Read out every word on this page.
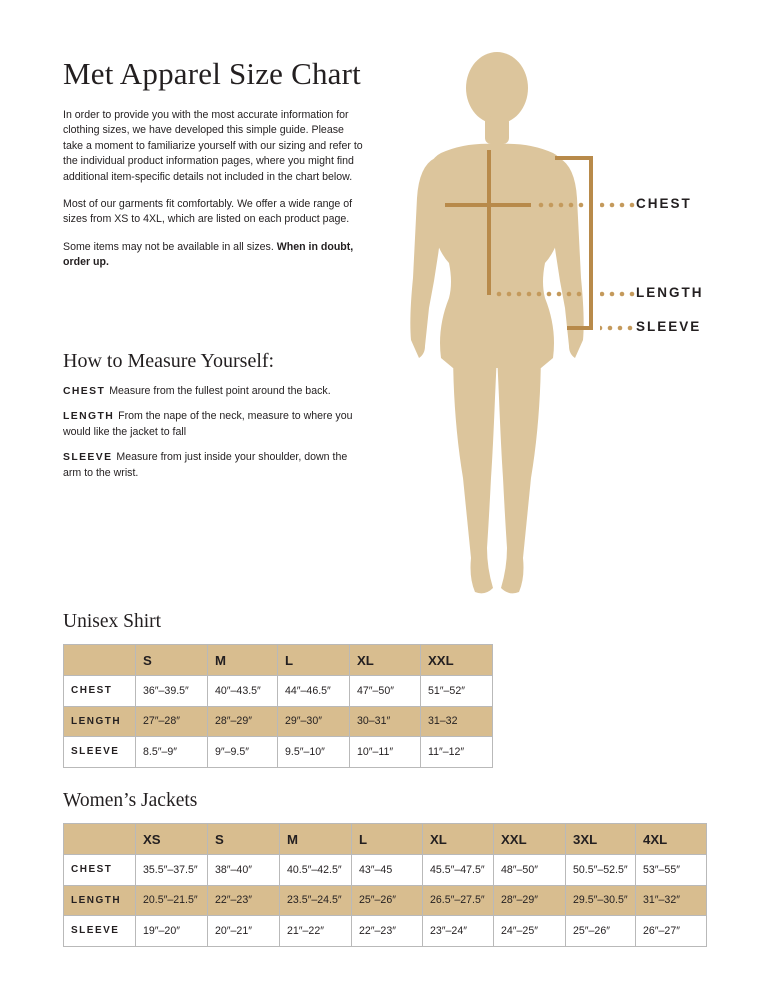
Met Apparel Size Chart

In order to provide you with the most accurate information for clothing sizes, we have developed this simple guide. Please take a moment to familiarize yourself with our sizing and refer to the individual product information pages, where you might find additional item-specific details not included in the chart below.

Most of our garments fit comfortably. We offer a wide range of sizes from XS to 4XL, which are listed on each product page.

Some items may not be available in all sizes. When in doubt, order up.

How to Measure Yourself:

CHEST Measure from the fullest point around the back.

LENGTH From the nape of the neck, measure to where you would like the jacket to fall

SLEEVE Measure from just inside your shoulder, down the arm to the wrist.

CHEST
LENGTH
SLEEVE
Unisex Shirt
	S	M	L	XL	XXL
CHEST	36″–39.5″	40″–43.5″	44″–46.5″	47″–50″	51″–52″
LENGTH	27″–28″	28″–29″	29″–30″	30–31″	31–32
SLEEVE	8.5″–9″	9″–9.5″	9.5″–10″	10″–11″	11″–12″
Women’s Jackets
	XS	S	M	L	XL	XXL	3XL	4XL
CHEST	35.5″–37.5″	38″–40″	40.5″–42.5″	43″–45	45.5″–47.5″	48″–50″	50.5″–52.5″	53″–55″
LENGTH	20.5″–21.5″	22″–23″	23.5″–24.5″	25″–26″	26.5″–27.5″	28″–29″	29.5″–30.5″	31″–32″
SLEEVE	19″–20″	20″–21″	21″–22″	22″–23″	23″–24″	24″–25″	25″–26″	26″–27″
